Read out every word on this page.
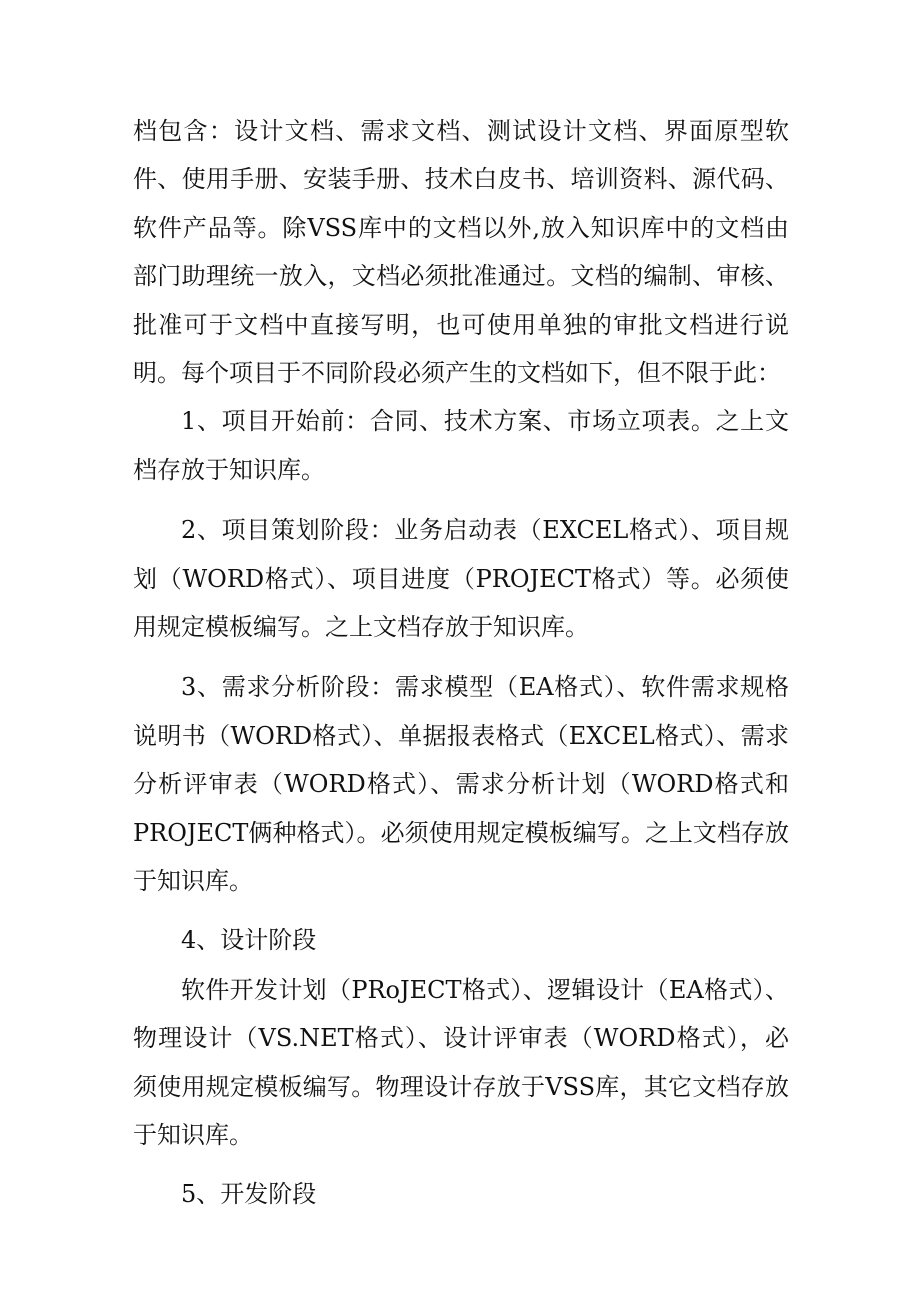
档包含：设计文档、需求文档、测试设计文档、界面原型软件、使用手册、安装手册、技术白皮书、培训资料、源代码、软件产品等。除VSS库中的文档以外,放入知识库中的文档由部门助理统一放入，文档必须批准通过。文档的编制、审核、批准可于文档中直接写明，也可使用单独的审批文档进行说明。每个项目于不同阶段必须产生的文档如下，但不限于此：

1、项目开始前：合同、技术方案、市场立项表。之上文档存放于知识库。

2、项目策划阶段：业务启动表（EXCEL格式）、项目规划（WORD格式）、项目进度（PROJECT格式）等。必须使用规定模板编写。之上文档存放于知识库。

3、需求分析阶段：需求模型（EA格式）、软件需求规格说明书（WORD格式）、单据报表格式（EXCEL格式）、需求分析评审表（WORD格式）、需求分析计划（WORD格式和PROJECT俩种格式）。必须使用规定模板编写。之上文档存放于知识库。

4、设计阶段

软件开发计划（PRoJECT格式）、逻辑设计（EA格式）、物理设计（VS.NET格式）、设计评审表（WORD格式），必须使用规定模板编写。物理设计存放于VSS库，其它文档存放于知识库。

5、开发阶段
